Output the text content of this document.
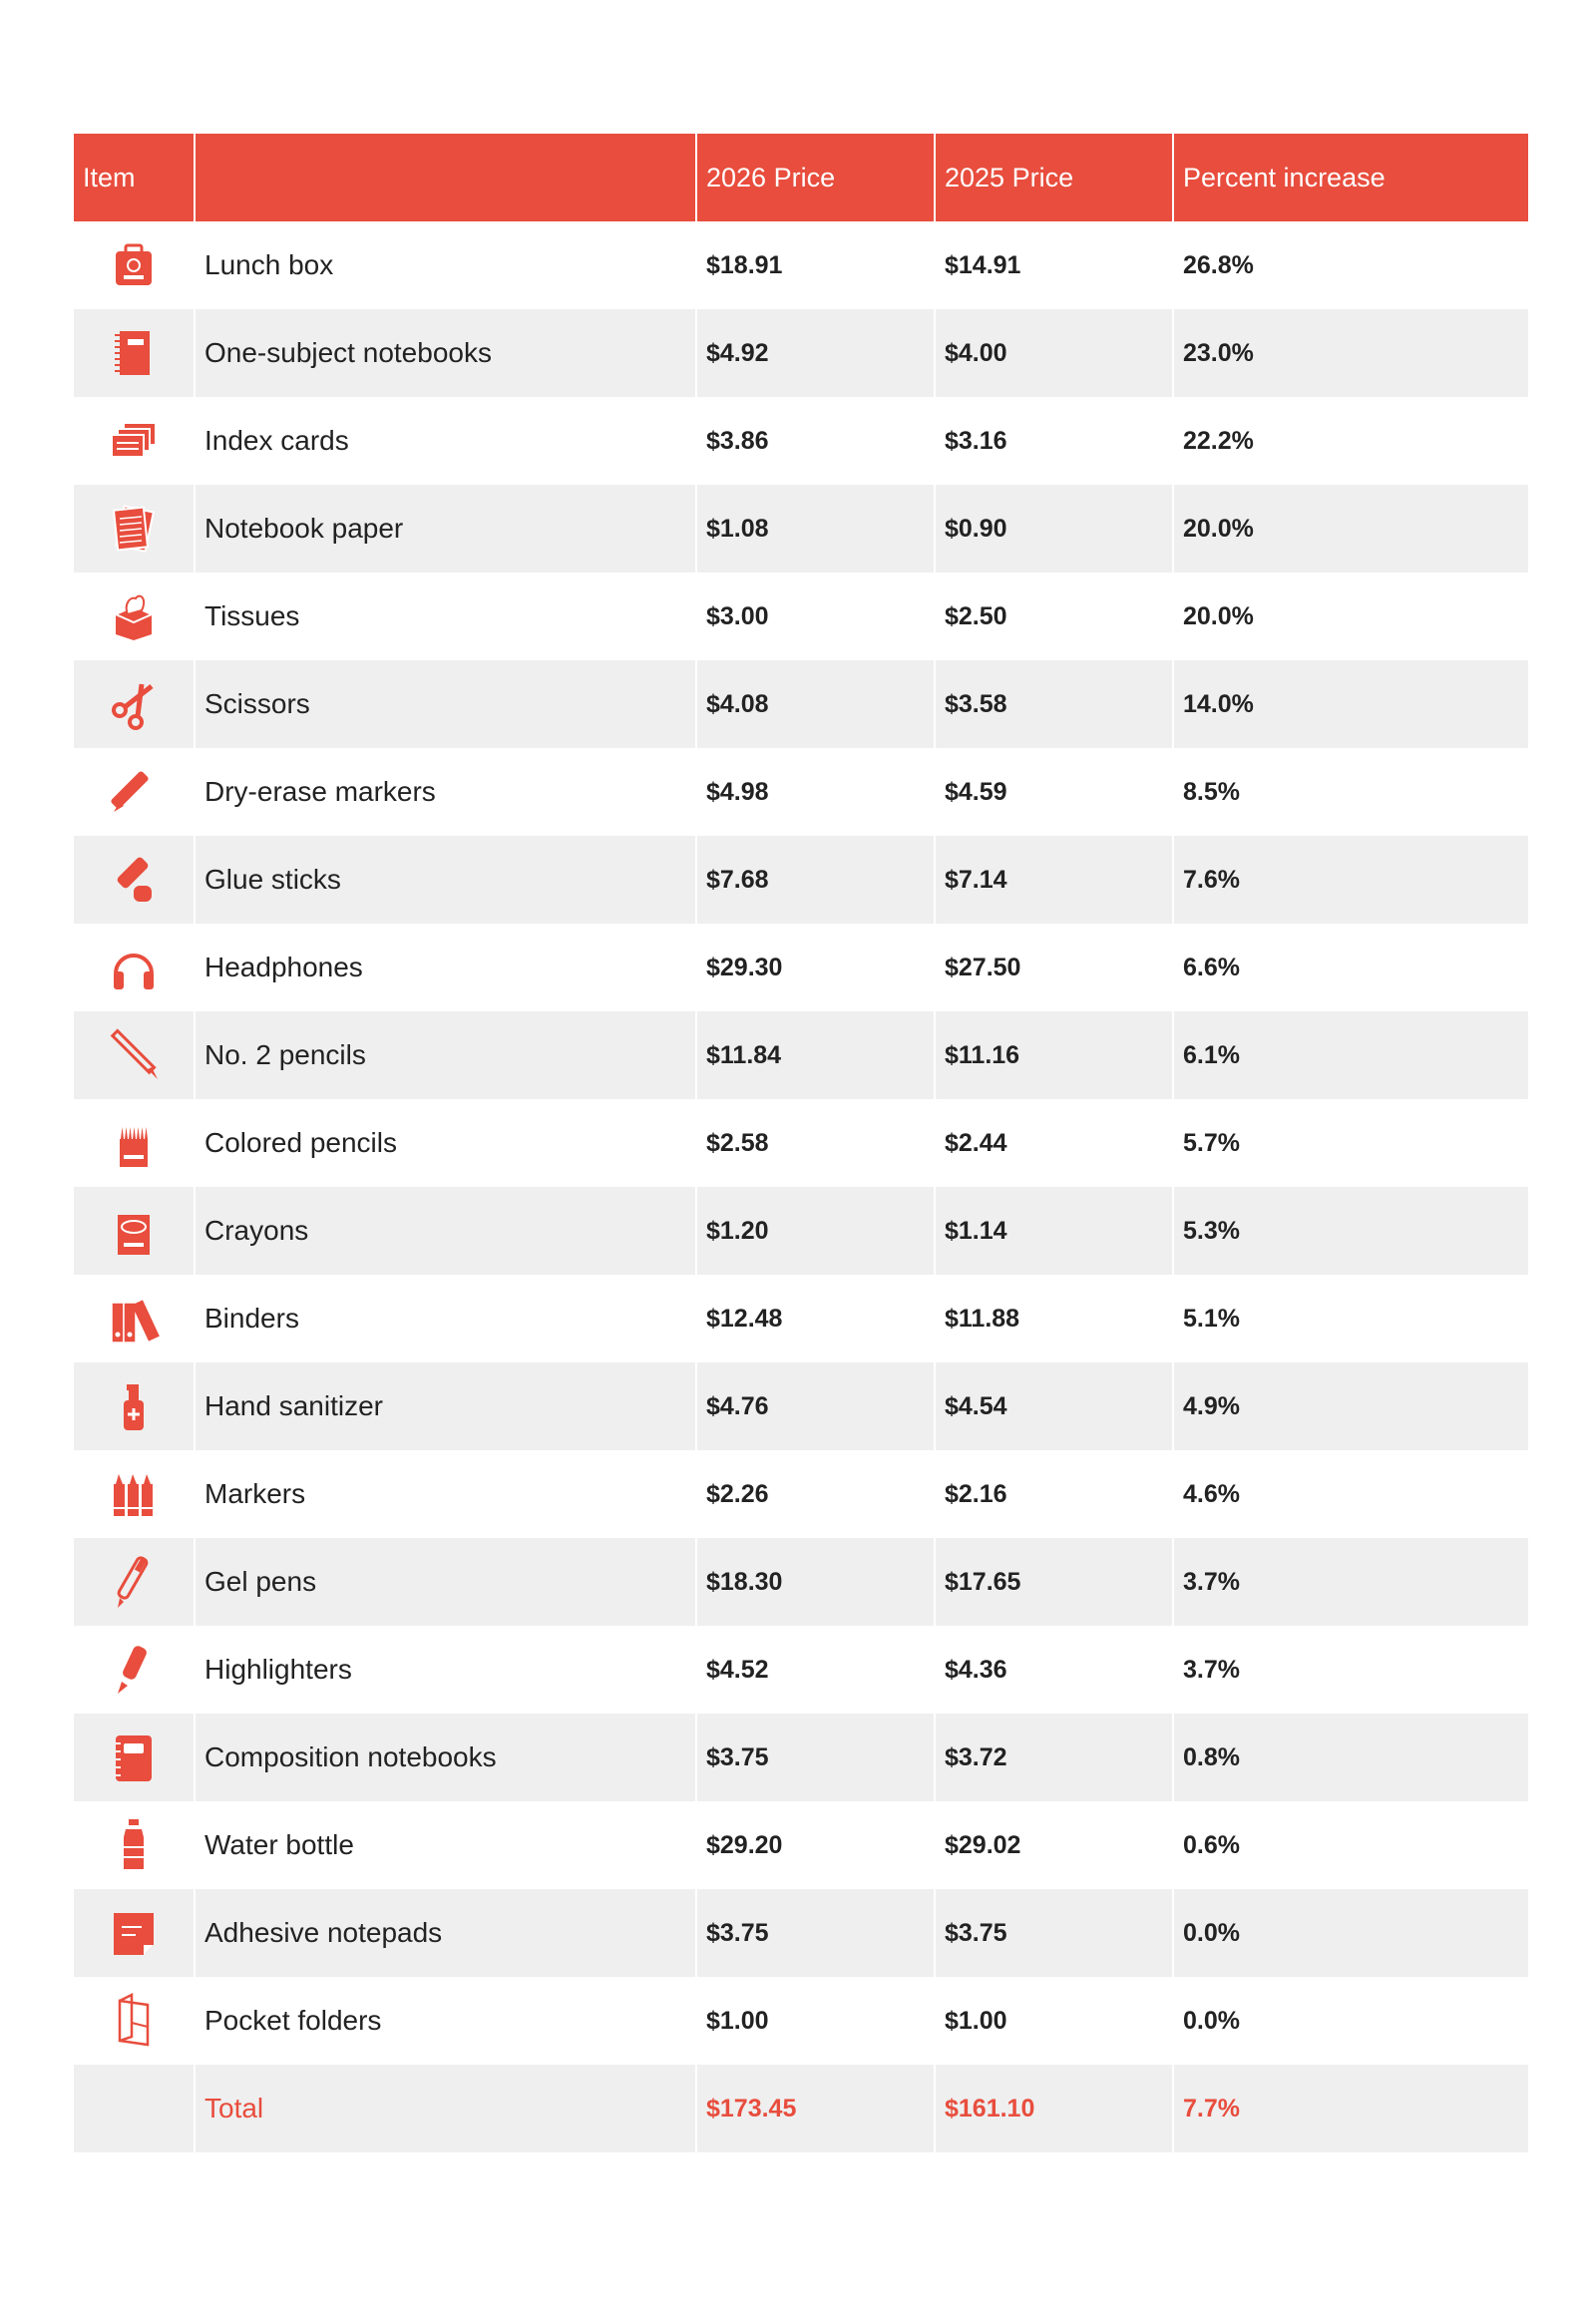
Item	2026 Price	2025 Price	Percent increase
Lunch box	$18.91	$14.91	26.8%
One-subject notebooks	$4.92	$4.00	23.0%
Index cards	$3.86	$3.16	22.2%
Notebook paper	$1.08	$0.90	20.0%
Tissues	$3.00	$2.50	20.0%
Scissors	$4.08	$3.58	14.0%
Dry-erase markers	$4.98	$4.59	8.5%
Glue sticks	$7.68	$7.14	7.6%
Headphones	$29.30	$27.50	6.6%
No. 2 pencils	$11.84	$11.16	6.1%
Colored pencils	$2.58	$2.44	5.7%
Crayons	$1.20	$1.14	5.3%
Binders	$12.48	$11.88	5.1%
Hand sanitizer	$4.76	$4.54	4.9%
Markers	$2.26	$2.16	4.6%
Gel pens	$18.30	$17.65	3.7%
Highlighters	$4.52	$4.36	3.7%
Composition notebooks	$3.75	$3.72	0.8%
Water bottle	$29.20	$29.02	0.6%
Adhesive notepads	$3.75	$3.75	0.0%
Pocket folders	$1.00	$1.00	0.0%
Total	$173.45	$161.10	7.7%
